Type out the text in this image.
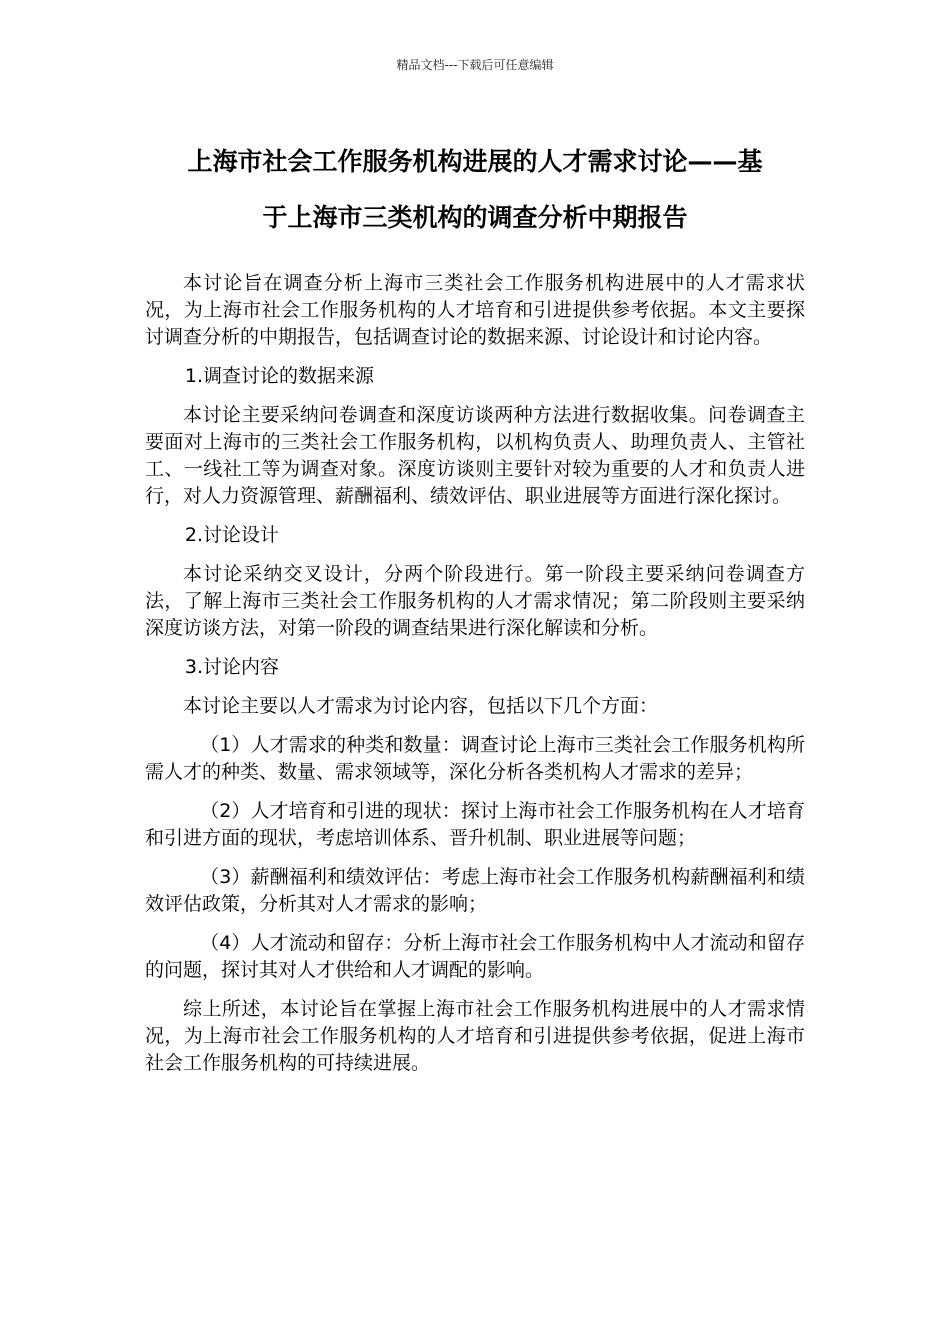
精品文档---下载后可任意编辑
上海市社会工作服务机构进展的人才需求讨论——基
于上海市三类机构的调查分析中期报告

本讨论旨在调查分析上海市三类社会工作服务机构进展中的人才需求状况，为上海市社会工作服务机构的人才培育和引进提供参考依据。本文主要探讨调查分析的中期报告，包括调查讨论的数据来源、讨论设计和讨论内容。

1.调查讨论的数据来源

本讨论主要采纳问卷调查和深度访谈两种方法进行数据收集。问卷调查主要面对上海市的三类社会工作服务机构，以机构负责人、助理负责人、主管社工、一线社工等为调查对象。深度访谈则主要针对较为重要的人才和负责人进行，对人力资源管理、薪酬福利、绩效评估、职业进展等方面进行深化探讨。

2.讨论设计

本讨论采纳交叉设计，分两个阶段进行。第一阶段主要采纳问卷调查方法，了解上海市三类社会工作服务机构的人才需求情况；第二阶段则主要采纳深度访谈方法，对第一阶段的调查结果进行深化解读和分析。

3.讨论内容

本讨论主要以人才需求为讨论内容，包括以下几个方面：

（1）人才需求的种类和数量：调查讨论上海市三类社会工作服务机构所需人才的种类、数量、需求领域等，深化分析各类机构人才需求的差异；

（2）人才培育和引进的现状：探讨上海市社会工作服务机构在人才培育和引进方面的现状，考虑培训体系、晋升机制、职业进展等问题；

（3）薪酬福利和绩效评估：考虑上海市社会工作服务机构薪酬福利和绩效评估政策，分析其对人才需求的影响；

（4）人才流动和留存：分析上海市社会工作服务机构中人才流动和留存的问题，探讨其对人才供给和人才调配的影响。

综上所述，本讨论旨在掌握上海市社会工作服务机构进展中的人才需求情况，为上海市社会工作服务机构的人才培育和引进提供参考依据，促进上海市社会工作服务机构的可持续进展。
